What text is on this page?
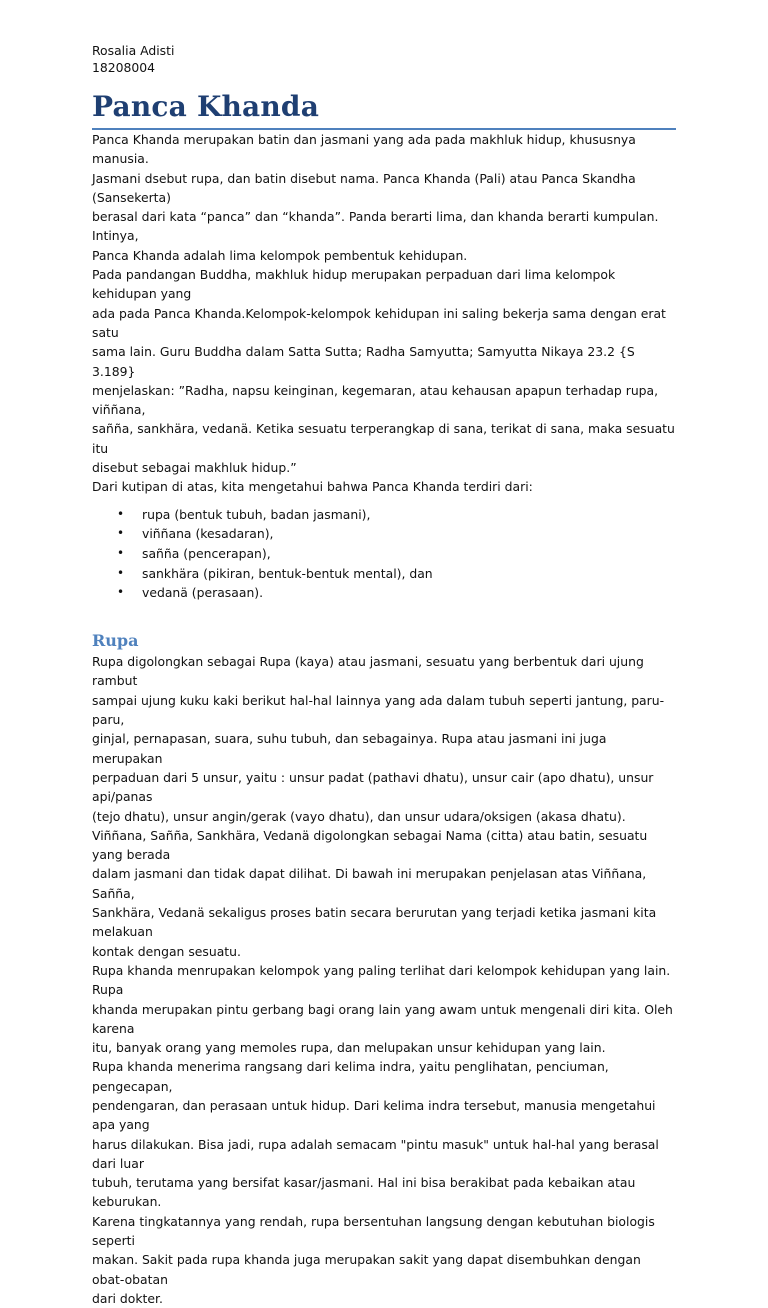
Rosalia Adisti

18208004

Panca Khanda

Panca Khanda merupakan batin dan jasmani yang ada pada makhluk hidup, khususnya manusia.
Jasmani dsebut rupa, dan batin disebut nama. Panca Khanda (Pali) atau Panca Skandha (Sansekerta)
berasal dari kata “panca” dan “khanda”. Panda berarti lima, dan khanda berarti kumpulan. Intinya,
Panca Khanda adalah lima kelompok pembentuk kehidupan.

Pada pandangan Buddha, makhluk hidup merupakan perpaduan dari lima kelompok kehidupan yang
ada pada Panca Khanda.Kelompok-kelompok kehidupan ini saling bekerja sama dengan erat satu
sama lain. Guru Buddha dalam Satta Sutta; Radha Samyutta; Samyutta Nikaya 23.2 {S 3.189}
menjelaskan: ”Radha, napsu keinginan, kegemaran, atau kehausan apapun terhadap rupa, viññana,
sañña, sankhära, vedanä. Ketika sesuatu terperangkap di sana, terikat di sana, maka sesuatu itu
disebut sebagai makhluk hidup.”

Dari kutipan di atas, kita mengetahui bahwa Panca Khanda terdiri dari:

• rupa (bentuk tubuh, badan jasmani),
• viññana (kesadaran),
• sañña (pencerapan),
• sankhära (pikiran, bentuk-bentuk mental), dan
• vedanä (perasaan).
Rupa

Rupa digolongkan sebagai Rupa (kaya) atau jasmani, sesuatu yang berbentuk dari ujung rambut
sampai ujung kuku kaki berikut hal-hal lainnya yang ada dalam tubuh seperti jantung, paru-paru,
ginjal, pernapasan, suara, suhu tubuh, dan sebagainya. Rupa atau jasmani ini juga merupakan
perpaduan dari 5 unsur, yaitu : unsur padat (pathavi dhatu), unsur cair (apo dhatu), unsur api/panas
(tejo dhatu), unsur angin/gerak (vayo dhatu), dan unsur udara/oksigen (akasa dhatu).

Viññana, Sañña, Sankhära, Vedanä digolongkan sebagai Nama (citta) atau batin, sesuatu yang berada
dalam jasmani dan tidak dapat dilihat. Di bawah ini merupakan penjelasan atas Viññana, Sañña,
Sankhära, Vedanä sekaligus proses batin secara berurutan yang terjadi ketika jasmani kita melakuan
kontak dengan sesuatu.

Rupa khanda menrupakan kelompok yang paling terlihat dari kelompok kehidupan yang lain. Rupa
khanda merupakan pintu gerbang bagi orang lain yang awam untuk mengenali diri kita. Oleh karena
itu, banyak orang yang memoles rupa, dan melupakan unsur kehidupan yang lain.

Rupa khanda menerima rangsang dari kelima indra, yaitu penglihatan, penciuman, pengecapan,
pendengaran, dan perasaan untuk hidup. Dari kelima indra tersebut, manusia mengetahui apa yang
harus dilakukan. Bisa jadi, rupa adalah semacam "pintu masuk" untuk hal-hal yang berasal dari luar
tubuh, terutama yang bersifat kasar/jasmani. Hal ini bisa berakibat pada kebaikan atau keburukan.
Karena tingkatannya yang rendah, rupa bersentuhan langsung dengan kebutuhan biologis seperti
makan. Sakit pada rupa khanda juga merupakan sakit yang dapat disembuhkan dengan obat-obatan
dari dokter.
